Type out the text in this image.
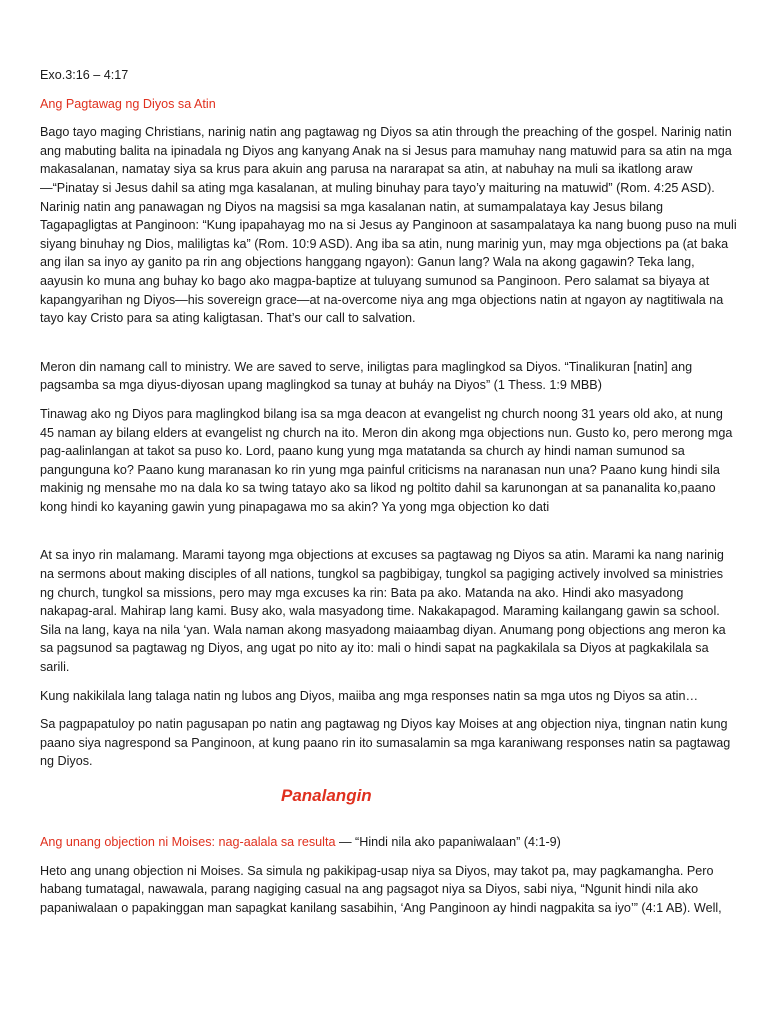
Exo.3:16 – 4:17

Ang Pagtawag ng Diyos sa Atin

Bago tayo maging Christians, narinig natin ang pagtawag ng Diyos sa atin through the preaching of the gospel. Narinig natin ang mabuting balita na ipinadala ng Diyos ang kanyang Anak na si Jesus para mamuhay nang matuwid para sa atin na mga makasalanan, namatay siya sa krus para akuin ang parusa na nararapat sa atin, at nabuhay na muli sa ikatlong araw —“Pinatay si Jesus dahil sa ating mga kasalanan, at muling binuhay para tayo’y maituring na matuwid” (Rom. 4:25 ASD). Narinig natin ang panawagan ng Diyos na magsisi sa mga kasalanan natin, at sumampalataya kay Jesus bilang Tagapagligtas at Panginoon: “Kung ipapahayag mo na si Jesus ay Panginoon at sasampalataya ka nang buong puso na muli siyang binuhay ng Dios, maliligtas ka” (Rom. 10:9 ASD). Ang iba sa atin, nung marinig yun, may mga objections pa (at baka ang ilan sa inyo ay ganito pa rin ang objections hanggang ngayon): Ganun lang? Wala na akong gagawin? Teka lang, aayusin ko muna ang buhay ko bago ako magpa-baptize at tuluyang sumunod sa Panginoon. Pero salamat sa biyaya at kapangyarihan ng Diyos—his sovereign grace—at na-overcome niya ang mga objections natin at ngayon ay nagtitiwala na tayo kay Cristo para sa ating kaligtasan. That’s our call to salvation.

Meron din namang call to ministry. We are saved to serve, iniligtas para maglingkod sa Diyos. “Tinalikuran [natin] ang pagsamba sa mga diyus-diyosan upang maglingkod sa tunay at buháy na Diyos” (1 Thess. 1:9 MBB)

Tinawag ako ng Diyos para maglingkod bilang isa sa mga deacon at evangelist ng church noong 31 years old ako, at nung 45 naman ay bilang elders at evangelist ng church na ito. Meron din akong mga objections nun. Gusto ko, pero merong mga pag-aalinlangan at takot sa puso ko. Lord, paano kung yung mga matatanda sa church ay hindi naman sumunod sa pangunguna ko? Paano kung maranasan ko rin yung mga painful criticisms na naranasan nun una? Paano kung hindi sila makinig ng mensahe mo na dala ko sa twing tatayo ako sa likod ng poltito dahil sa karunongan at sa pananalita ko,paano kong hindi ko kayaning gawin yung pinapagawa mo sa akin? Ya yong mga objection ko dati

At sa inyo rin malamang. Marami tayong mga objections at excuses sa pagtawag ng Diyos sa atin. Marami ka nang narinig na sermons about making disciples of all nations, tungkol sa pagbibigay, tungkol sa pagiging actively involved sa ministries ng church, tungkol sa missions, pero may mga excuses ka rin: Bata pa ako. Matanda na ako. Hindi ako masyadong nakapag-aral. Mahirap lang kami. Busy ako, wala masyadong time. Nakakapagod. Maraming kailangang gawin sa school. Sila na lang, kaya na nila ‘yan. Wala naman akong masyadong maiaambag diyan. Anumang pong objections ang meron ka sa pagsunod sa pagtawag ng Diyos, ang ugat po nito ay ito: mali o hindi sapat na pagkakilala sa Diyos at pagkakilala sa sarili.

Kung nakikilala lang talaga natin ng lubos ang Diyos, maiiba ang mga responses natin sa mga utos ng Diyos sa atin…

Sa pagpapatuloy po natin pagusapan po natin ang pagtawag ng Diyos kay Moises at ang objection niya, tingnan natin kung paano siya nagrespond sa Panginoon, at kung paano rin ito sumasalamin sa mga karaniwang responses natin sa pagtawag ng Diyos.

Panalangin

Ang unang objection ni Moises: nag-aalala sa resulta — “Hindi nila ako papaniwalaan” (4:1-9)

Heto ang unang objection ni Moises. Sa simula ng pakikipag-usap niya sa Diyos, may takot pa, may pagkamangha. Pero habang tumatagal, nawawala, parang nagiging casual na ang pagsagot niya sa Diyos, sabi niya, “Ngunit hindi nila ako papaniwalaan o papakinggan man sapagkat kanilang sasabihin, ‘Ang Panginoon ay hindi nagpakita sa iyo’” (4:1 AB). Well,
